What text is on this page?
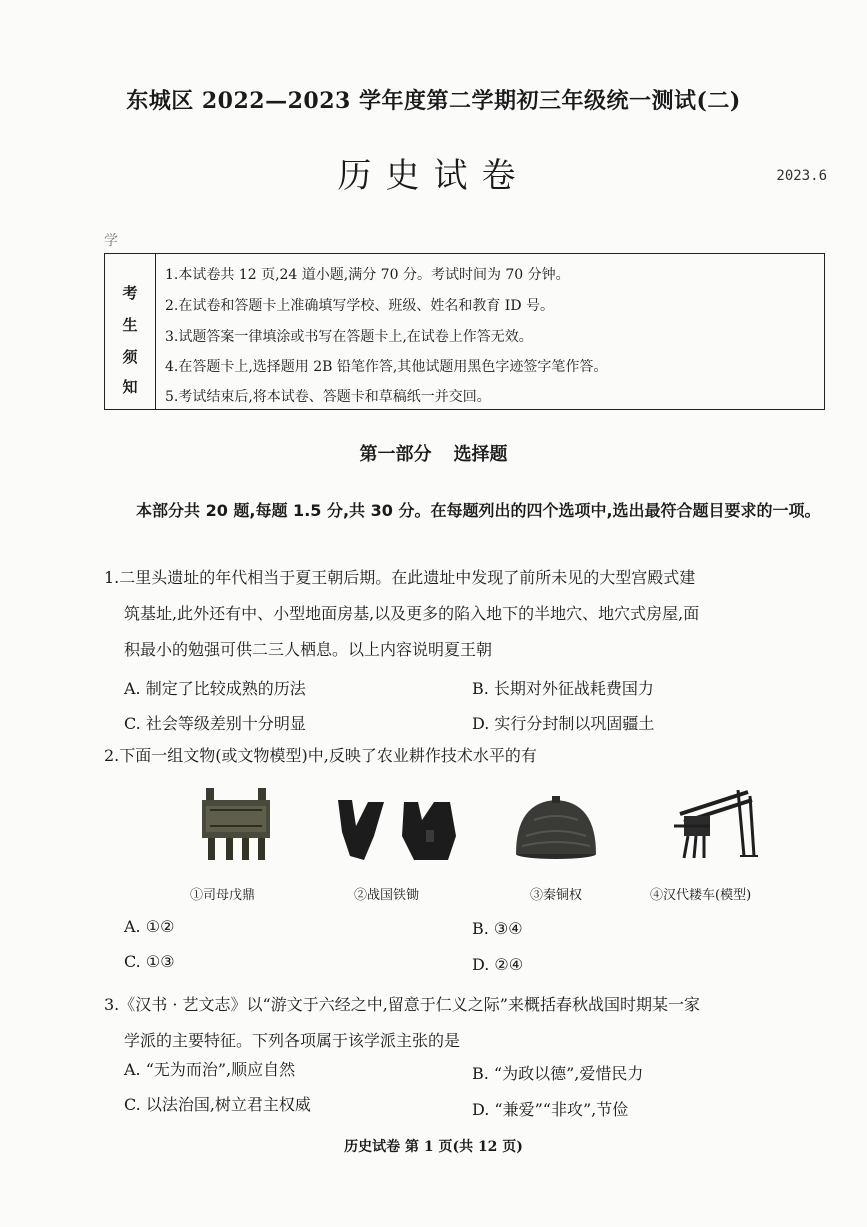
东城区 2022—2023 学年度第二学期初三年级统一测试(二)
历史试卷	2023.6
学
考
生
须
知
1.本试卷共 12 页,24 道小题,满分 70 分。考试时间为 70 分钟。
2.在试卷和答题卡上准确填写学校、班级、姓名和教育 ID 号。
3.试题答案一律填涂或书写在答题卡上,在试卷上作答无效。
4.在答题卡上,选择题用 2B 铅笔作答,其他试题用黑色字迹签字笔作答。
5.考试结束后,将本试卷、答题卡和草稿纸一并交回。
第一部分 选择题
本部分共 20 题,每题 1.5 分,共 30 分。在每题列出的四个选项中,选出最符合题目要求的一项。
1.二里头遗址的年代相当于夏王朝后期。在此遗址中发现了前所未见的大型宫殿式建
筑基址,此外还有中、小型地面房基,以及更多的陷入地下的半地穴、地穴式房屋,面
积最小的勉强可供二三人栖息。以上内容说明夏王朝
A. 制定了比较成熟的历法	B. 长期对外征战耗费国力
C. 社会等级差别十分明显	D. 实行分封制以巩固疆土
2.下面一组文物(或文物模型)中,反映了农业耕作技术水平的有
①司母戊鼎	②战国铁锄	③秦铜权	④汉代耧车(模型)
A. ①②	B. ③④
C. ①③	D. ②④
3.《汉书 · 艺文志》以“游文于六经之中,留意于仁义之际”来概括春秋战国时期某一家
学派的主要特征。下列各项属于该学派主张的是
A. “无为而治”,顺应自然	B. “为政以德”,爱惜民力
C. 以法治国,树立君主权威	D. “兼爱”“非攻”,节俭
历史试卷 第 1 页(共 12 页)
